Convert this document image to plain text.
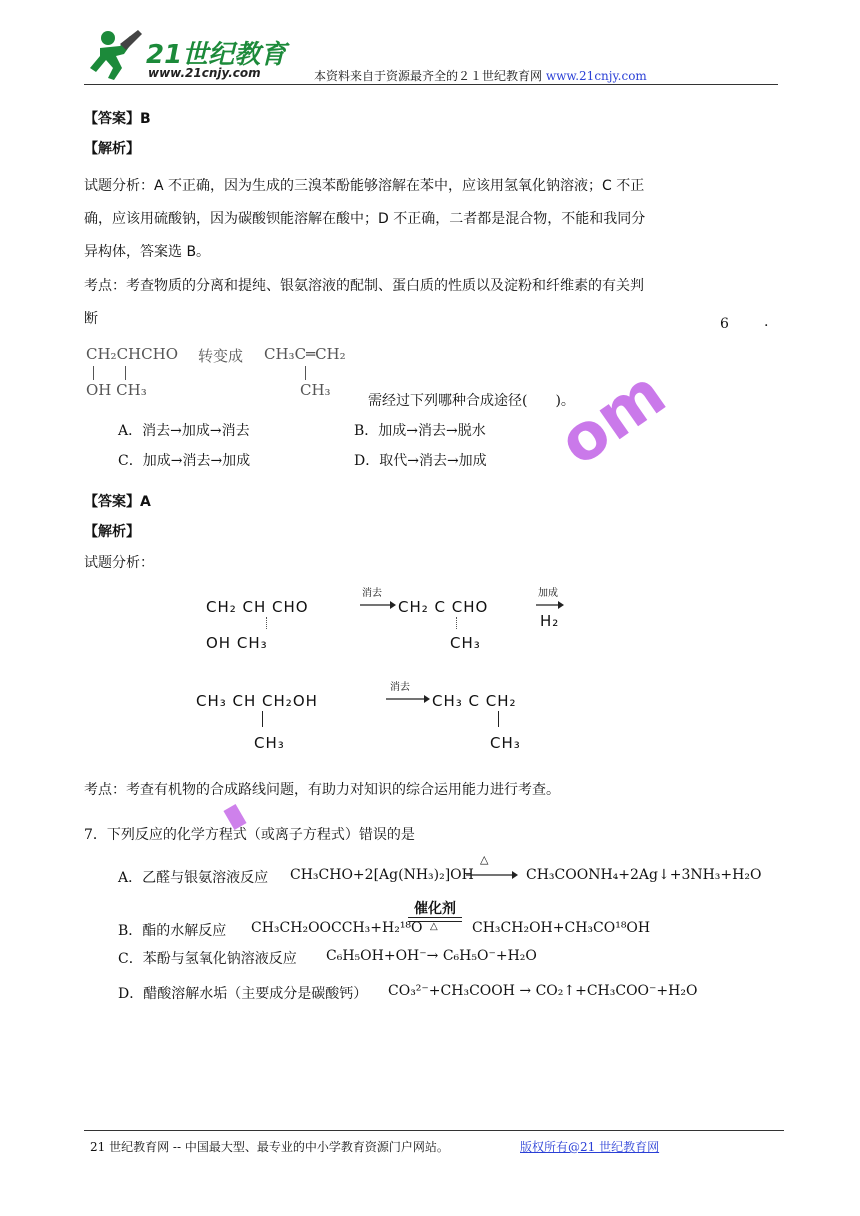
21世纪教育
www.21cnjy.com	本资料来自于资源最齐全的２１世纪教育网 www.21cnjy.com
【答案】B
【解析】
试题分析：A 不正确，因为生成的三溴苯酚能够溶解在苯中，应该用氢氧化钠溶液；C 不正
确，应该用硫酸钠，因为碳酸钡能溶解在酸中；D 不正确，二者都是混合物，不能和我同分
异构体，答案选 B。
考点：考查物质的分离和提纯、银氨溶液的配制、蛋白质的性质以及淀粉和纤维素的有关判
断	6	.
CH₂CHCHO
OH CH₃
转变成 CH₃C═CH₂
CH₃
需经过下列哪种合成途径(　　)。
A．消去→加成→消去	B．加成→消去→脱水
C．加成→消去→加成	D．取代→消去→加成
【答案】A
【解析】
试题分析：
CH₂ CH CHO
OH CH₃
消去
CH₂ C CHO
CH₃
加成
H₂
CH₃ CH CH₂OH
CH₃
消去
CH₃ C CH₂
CH₃
考点：考查有机物的合成路线问题，有助力对知识的综合运用能力进行考查。
om
7．下列反应的化学方程式（或离子方程式）错误的是
A．乙醛与银氨溶液反应 CH₃CHO+2[Ag(NH₃)₂]OH
△
CH₃COONH₄+2Ag↓+3NH₃+H₂O
B．酯的水解反应 CH₃CH₂OOCCH₃+H₂¹⁸O
催化剂
△ CH₃CH₂OH+CH₃CO¹⁸OH
C．苯酚与氢氧化钠溶液反应 C₆H₅OH+OH⁻→ C₆H₅O⁻+H₂O
D．醋酸溶解水垢（主要成分是碳酸钙） CO₃²⁻+CH₃COOH → CO₂↑+CH₃COO⁻+H₂O
21 世纪教育网 -- 中国最大型、最专业的中小学教育资源门户网站。	版权所有@21 世纪教育网
